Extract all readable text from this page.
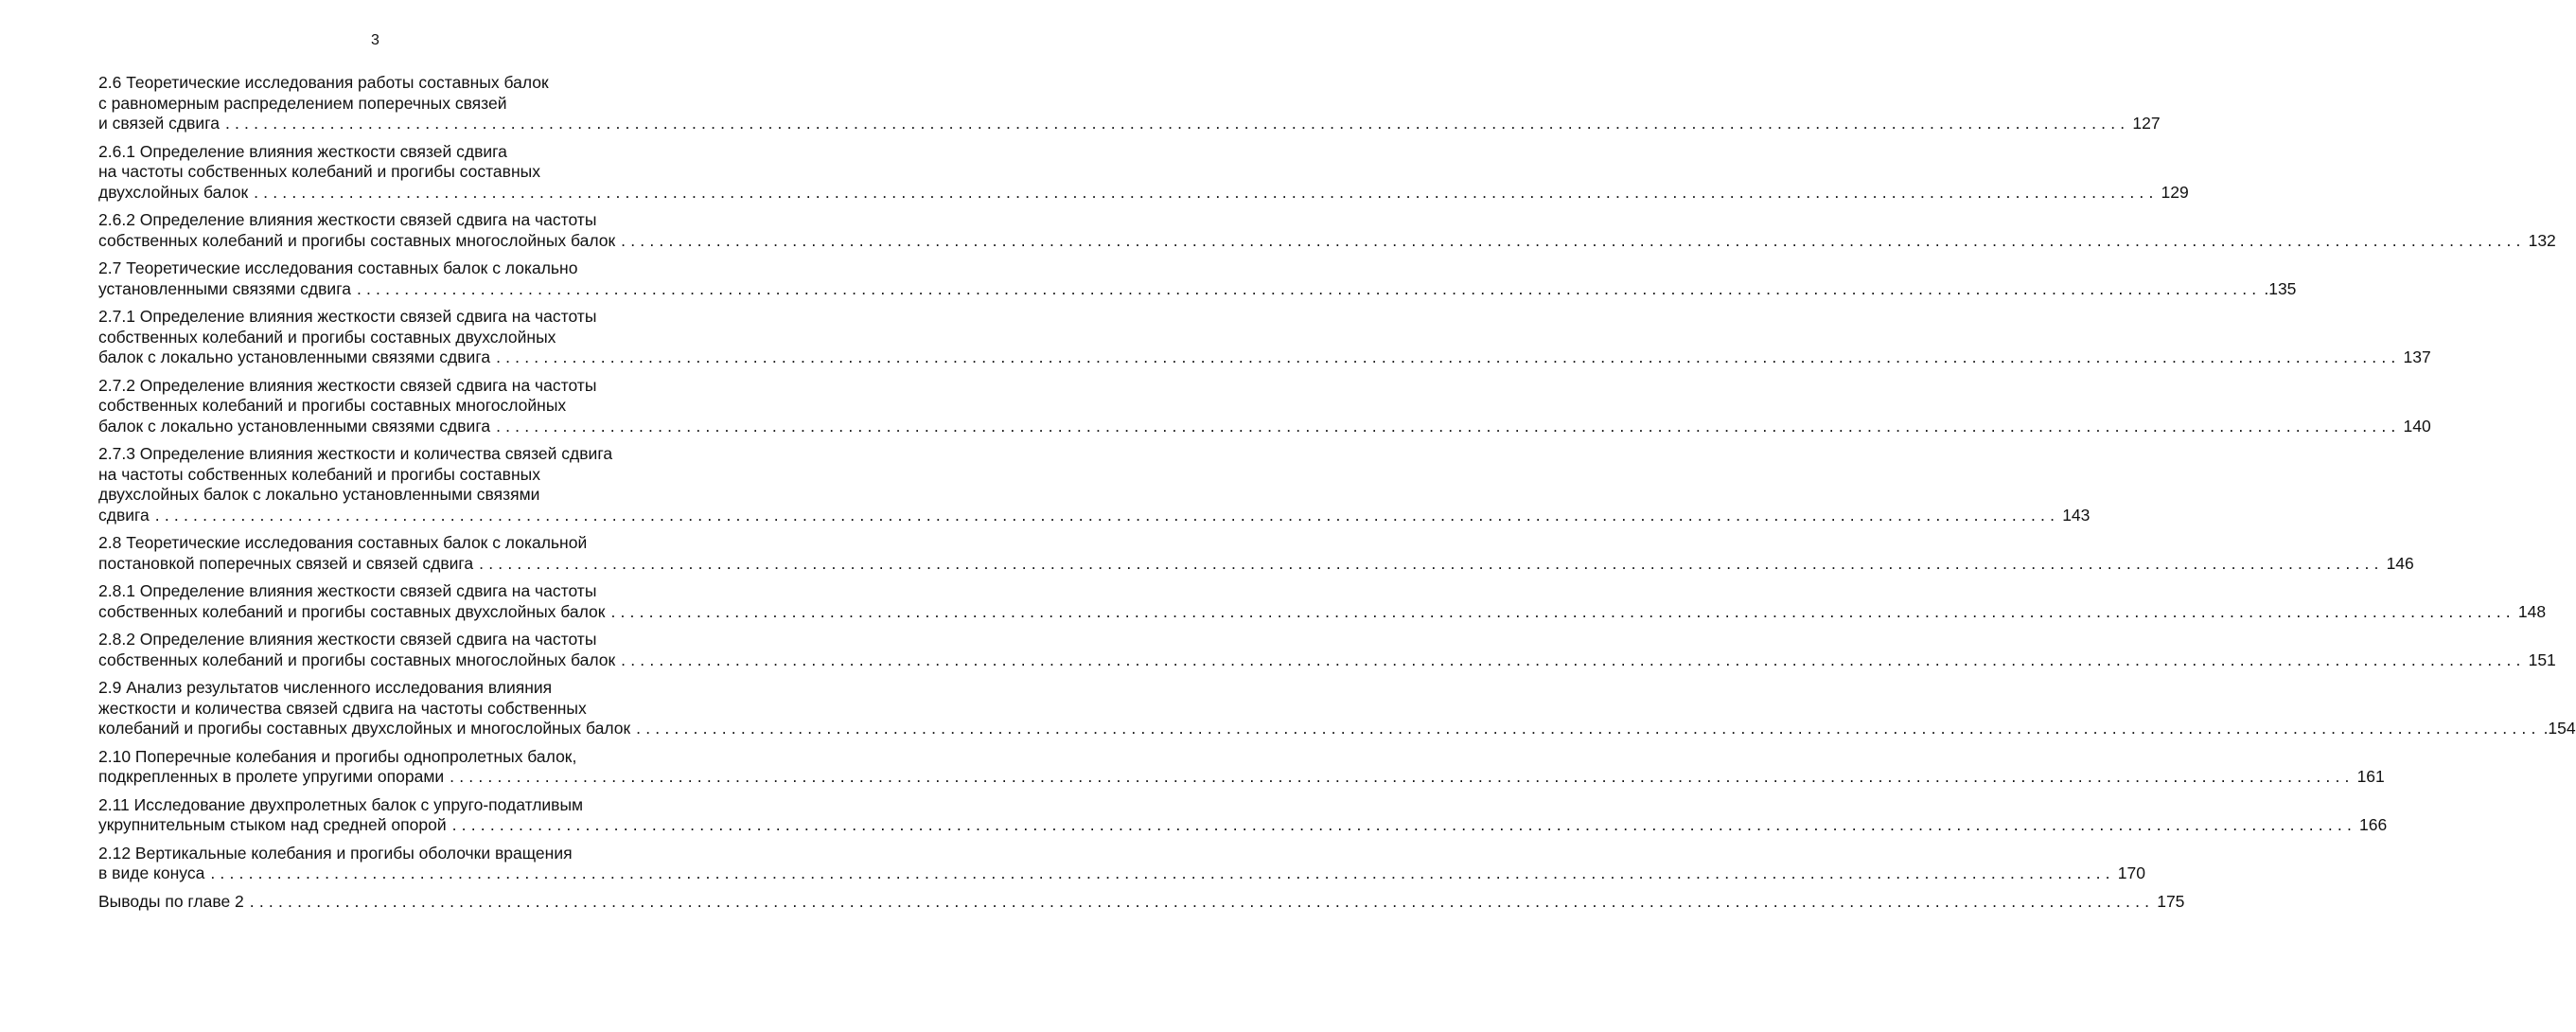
3
2.6 Теоретические исследования работы составных балок
с равномерным распределением поперечных связей
и связей сдвига ........................................................................................................................................................................................................ 127
2.6.1 Определение влияния жесткости связей сдвига
на частоты собственных колебаний и прогибы составных
двухслойных балок ........................................................................................................................................................................................................ 129
2.6.2 Определение влияния жесткости связей сдвига на частоты
собственных колебаний и прогибы составных многослойных балок ........................................................................................................................................................................................................ 132
2.7 Теоретические исследования составных балок с локально
установленными связями сдвига ........................................................................................................................................................................................................ .135
2.7.1 Определение влияния жесткости связей сдвига на частоты
собственных колебаний и прогибы составных двухслойных
балок с локально установленными связями сдвига ........................................................................................................................................................................................................ 137
2.7.2 Определение влияния жесткости связей сдвига на частоты
собственных колебаний и прогибы составных многослойных
балок с локально установленными связями сдвига ........................................................................................................................................................................................................ 140
2.7.3 Определение влияния жесткости и количества связей сдвига
на частоты собственных колебаний и прогибы составных
двухслойных балок с локально установленными связями
сдвига ........................................................................................................................................................................................................ 143
2.8 Теоретические исследования составных балок с локальной
постановкой поперечных связей и связей сдвига ........................................................................................................................................................................................................ 146
2.8.1 Определение влияния жесткости связей сдвига на частоты
собственных колебаний и прогибы составных двухслойных балок ........................................................................................................................................................................................................ 148
2.8.2 Определение влияния жесткости связей сдвига на частоты
собственных колебаний и прогибы составных многослойных балок ........................................................................................................................................................................................................ 151
2.9 Анализ результатов численного исследования влияния
жесткости и количества связей сдвига на частоты собственных
колебаний и прогибы составных двухслойных и многослойных балок ........................................................................................................................................................................................................ .154
2.10 Поперечные колебания и прогибы однопролетных балок,
подкрепленных в пролете упругими опорами ........................................................................................................................................................................................................ 161
2.11 Исследование двухпролетных балок с упруго-податливым
укрупнительным стыком над средней опорой ........................................................................................................................................................................................................ 166
2.12 Вертикальные колебания и прогибы оболочки вращения
в виде конуса ........................................................................................................................................................................................................ 170
Выводы по главе 2 ........................................................................................................................................................................................................ 175
